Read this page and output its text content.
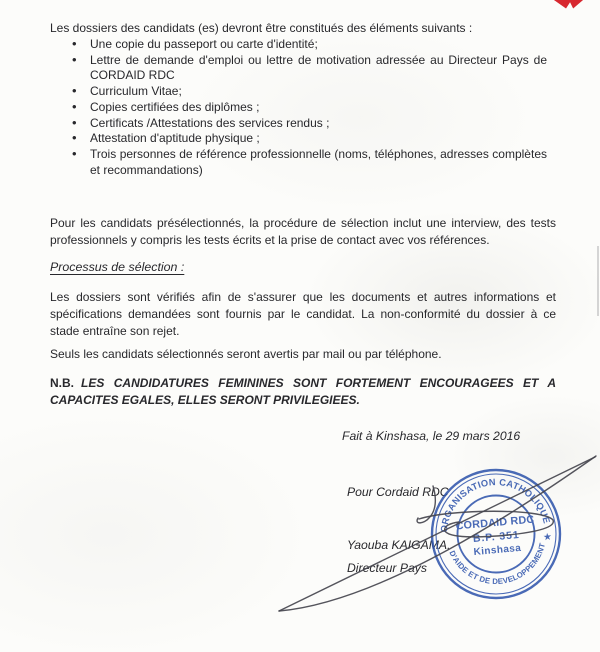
Les dossiers des candidats (es) devront être constitués des éléments suivants :

• Une copie du passeport ou carte d'identité;
• Lettre de demande d'emploi ou lettre de motivation adressée au Directeur Pays de CORDAID RDC
• Curriculum Vitae;
• Copies certifiées des diplômes ;
• Certificats /Attestations des services rendus ;
• Attestation d'aptitude physique ;
• Trois personnes de référence professionnelle (noms, téléphones, adresses complètes et recommandations)

Pour les candidats présélectionnés, la procédure de sélection inclut une interview, des tests professionnels y compris les tests écrits et la prise de contact avec vos références.

Processus de sélection :

Les dossiers sont vérifiés afin de s'assurer que les documents et autres informations et spécifications demandées sont fournis par le candidat. La non-conformité du dossier à ce stade entraîne son rejet.

Seuls les candidats sélectionnés seront avertis par mail ou par téléphone.

N.B. LES CANDIDATURES FEMININES SONT FORTEMENT ENCOURAGEES ET A CAPACITES EGALES, ELLES SERONT PRIVILEGIEES.

Fait à Kinshasa, le 29 mars 2016
Pour Cordaid RDC
Yaouba KAIGAMA,
Directeur Pays
ORGANISATION CATHOLIQUE
D'AIDE ET DE DEVELOPPEMENT
★
CORDAID RDC
B.P. 351
Kinshasa
